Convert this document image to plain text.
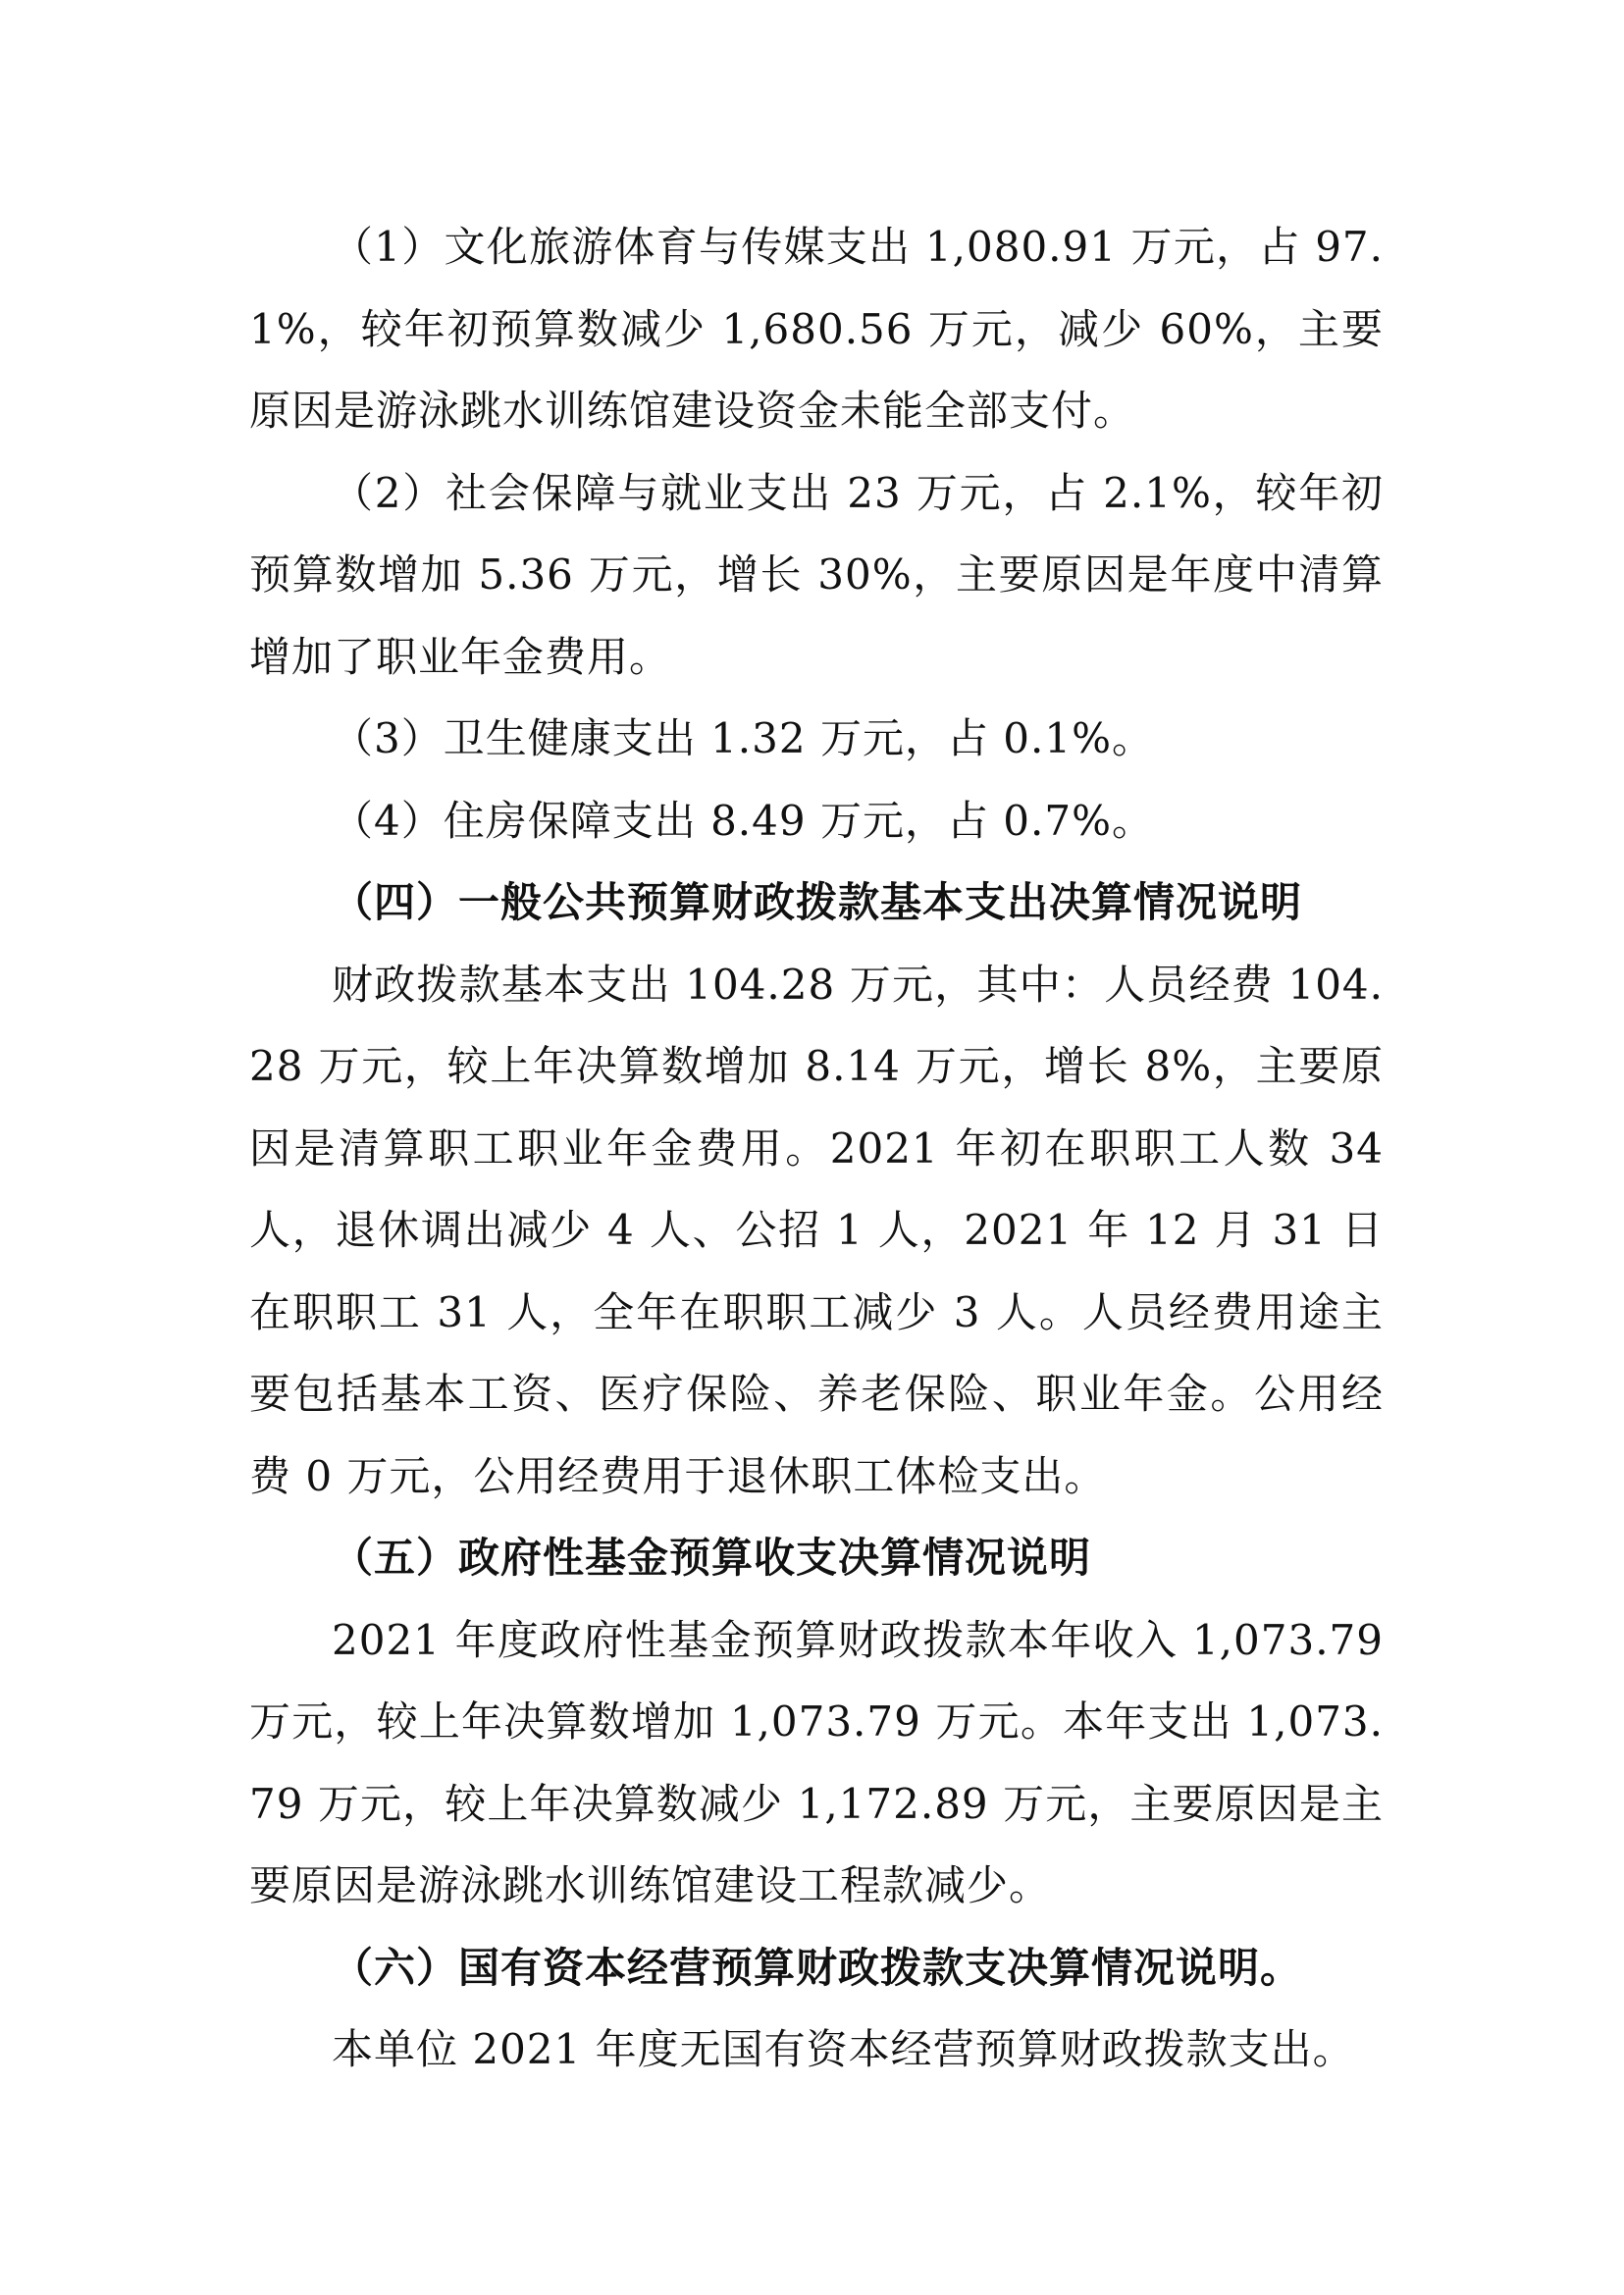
（1）文化旅游体育与传媒支出 1,080.91 万元，占 97.1%，较年初预算数减少 1,680.56 万元，减少 60%，主要原因是游泳跳水训练馆建设资金未能全部支付。

（2）社会保障与就业支出 23 万元，占 2.1%，较年初预算数增加 5.36 万元，增长 30%，主要原因是年度中清算增加了职业年金费用。

（3）卫生健康支出 1.32 万元，占 0.1%。

（4）住房保障支出 8.49 万元，占 0.7%。

（四）一般公共预算财政拨款基本支出决算情况说明

财政拨款基本支出 104.28 万元，其中：人员经费 104.28 万元，较上年决算数增加 8.14 万元，增长 8%，主要原因是清算职工职业年金费用。2021 年初在职职工人数 34 人，退休调出减少 4 人、公招 1 人，2021 年 12 月 31 日在职职工 31 人，全年在职职工减少 3 人。人员经费用途主要包括基本工资、医疗保险、养老保险、职业年金。公用经费 0 万元，公用经费用于退休职工体检支出。

（五）政府性基金预算收支决算情况说明

2021 年度政府性基金预算财政拨款本年收入 1,073.79 万元，较上年决算数增加 1,073.79 万元。本年支出 1,073.79 万元，较上年决算数减少 1,172.89 万元，主要原因是主要原因是游泳跳水训练馆建设工程款减少。

（六）国有资本经营预算财政拨款支决算情况说明。

本单位 2021 年度无国有资本经营预算财政拨款支出。
